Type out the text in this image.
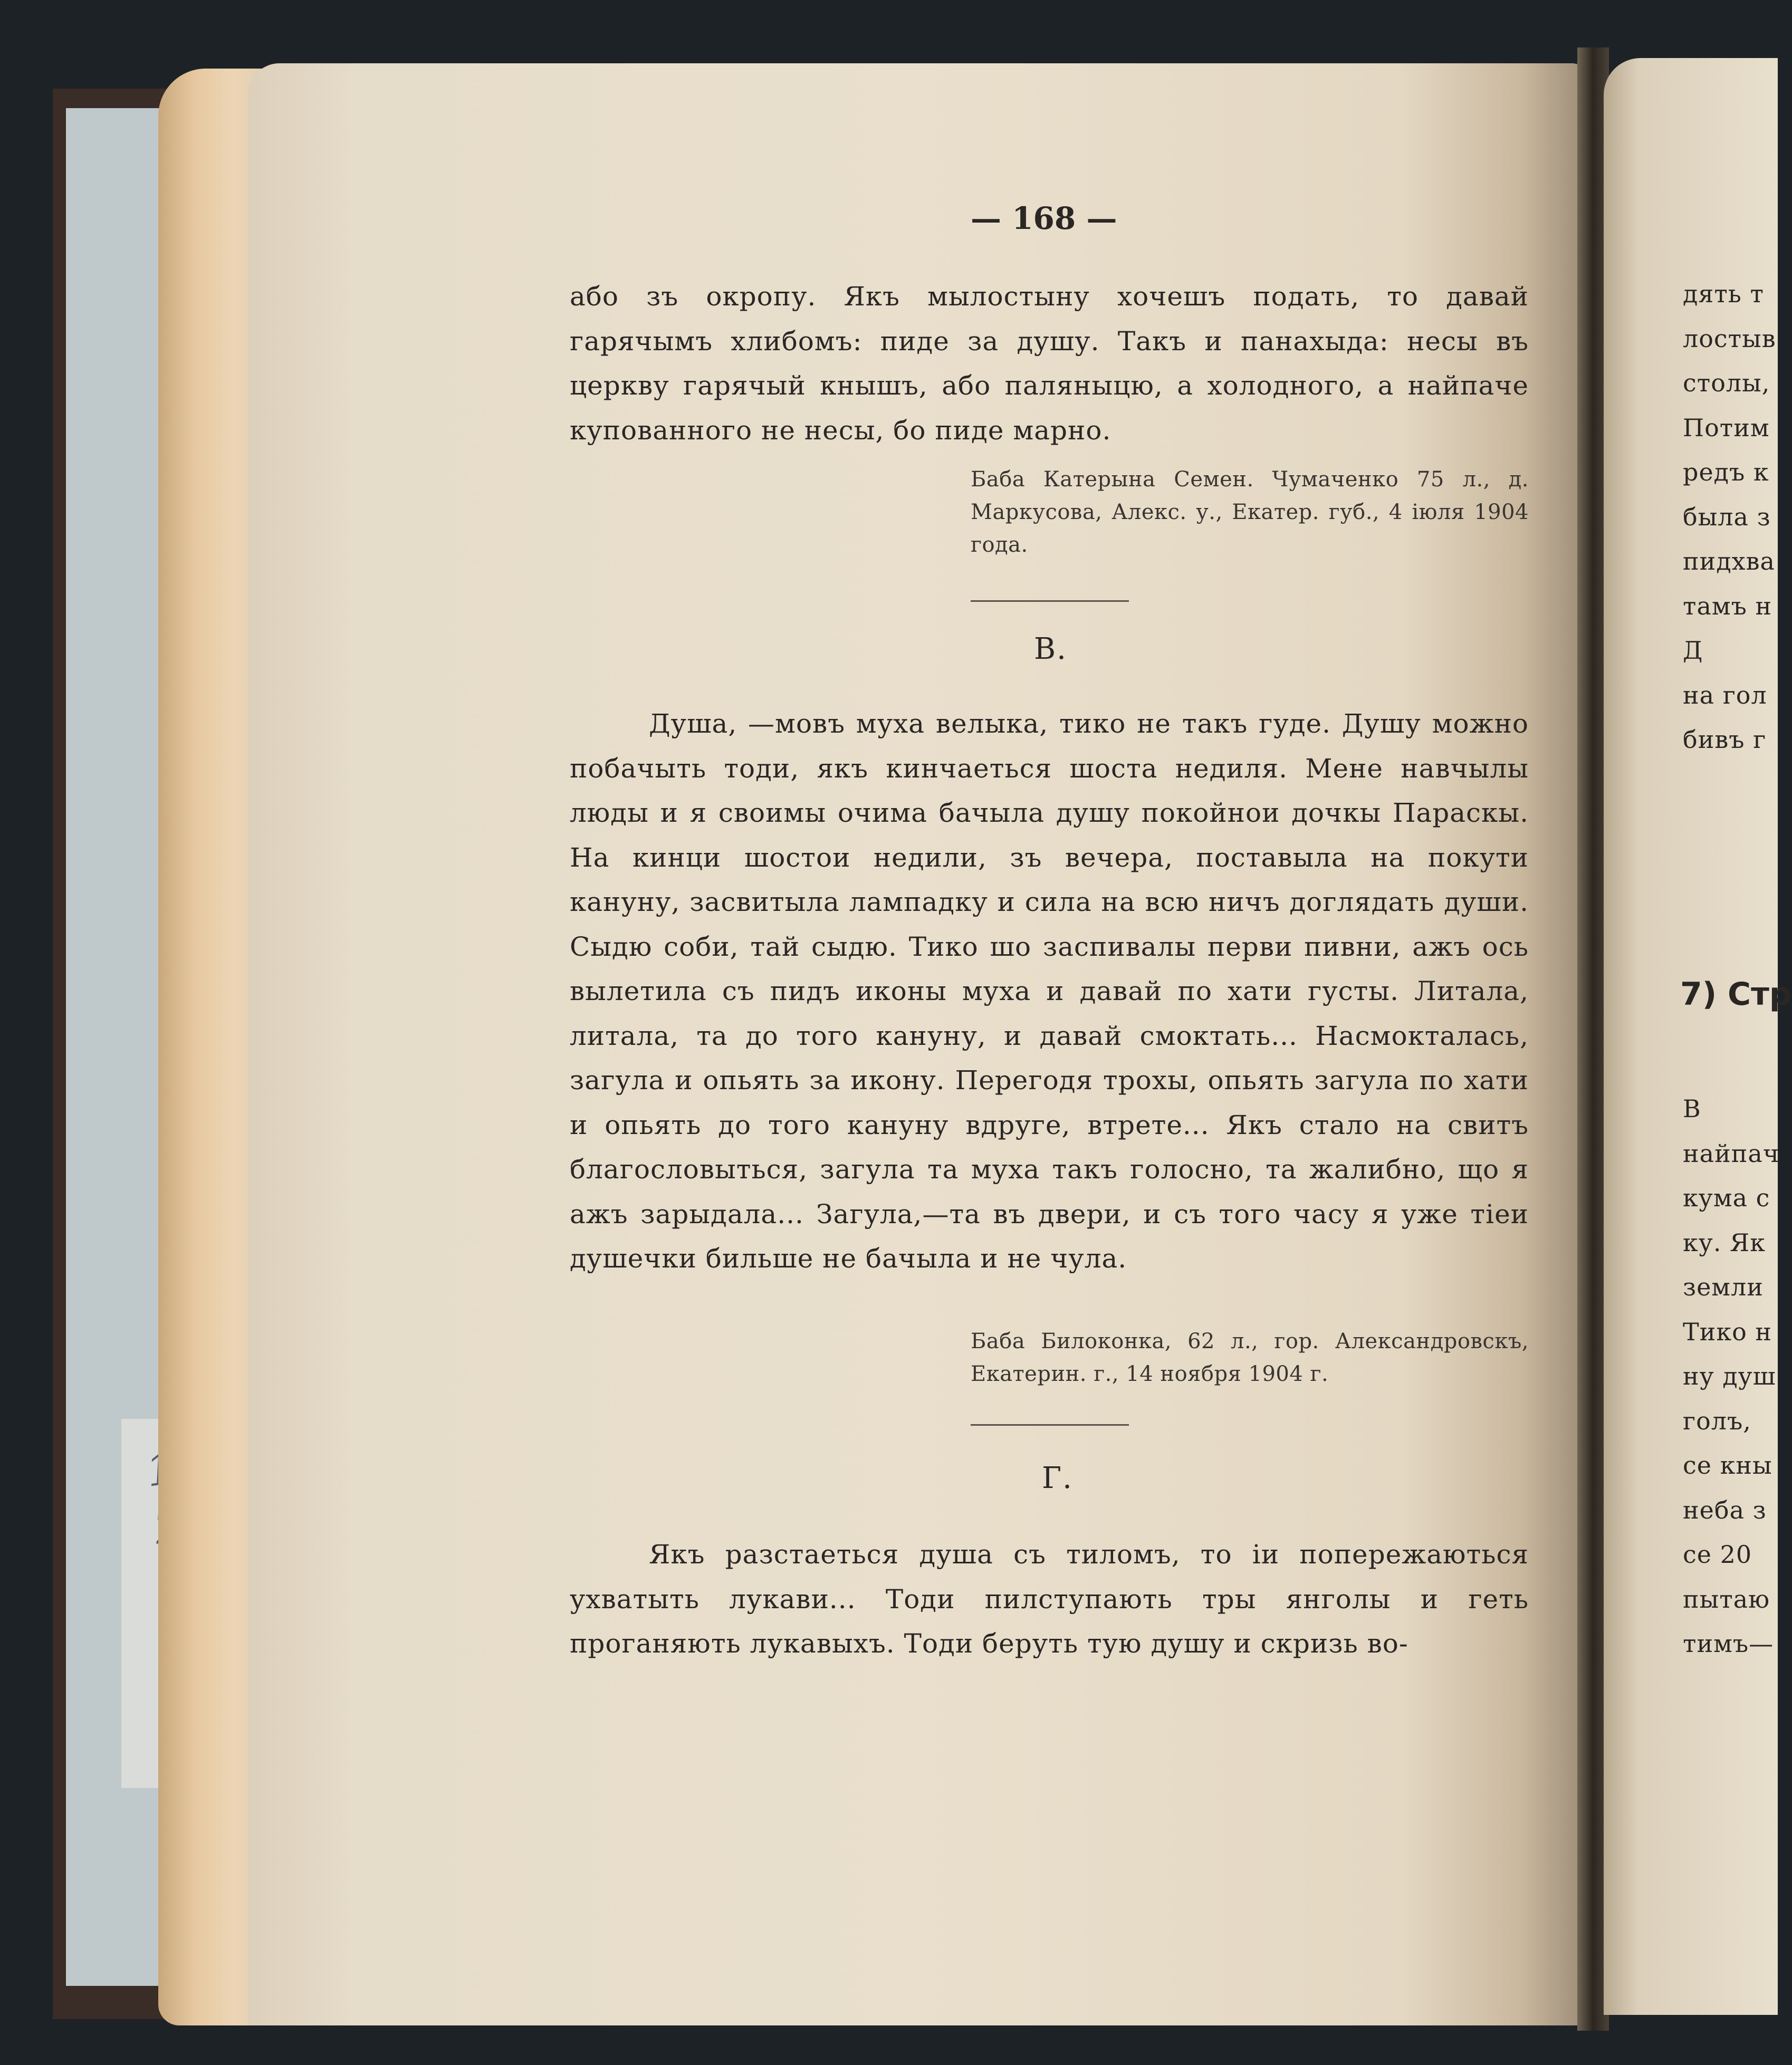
— 168 —

або зъ окропу. Якъ мылостыну хочешъ подать, то давай гарячымъ хлибомъ: пиде за душу. Такъ и панахыда: несы въ церкву гарячый кнышъ, або паляныцю, а холодного, а найпаче купованного не несы, бо пиде марно.

Баба Катерына Семен. Чумаченко 75 л., д. Маркусова, Алекс. у., Екатер. губ., 4 іюля 1904 года.
В.

Душа, —мовъ муха велыка, тико не такъ гуде. Душу можно побачыть тоди, якъ кинчаеться шоста недиля. Мене навчылы люды и я своимы очима бачыла душу покойнои дочкы Параскы. На кинци шостои недили, зъ вечера, поставыла на покути кануну, засвитыла лампадку и сила на всю ничъ доглядать души. Сыдю соби, тай сыдю. Тико шо заспивалы перви пивни, ажъ ось вылетила съ пидъ иконы муха и давай по хати густы. Литала, литала, та до того кануну, и давай смоктать... Насмокталась, загула и опьять за икону. Перегодя трохы, опьять загула по хати и опьять до того кануну вдруге, втрете... Якъ стало на свитъ благословыться, загула та муха такъ голосно, та жалибно, що я ажъ зарыдала... Загула,—та въ двери, и съ того часу я уже тіеи душечки бильше не бачыла и не чула.

Баба Билоконка, 62 л., гор. Александровскъ, Екатерин. г., 14 ноября 1904 г.
Г.

Якъ разстаеться душа съ тиломъ, то іи попережаються ухватыть лукави... Тоди пилступають тры янголы и геть проганяють лукавыхъ. Тоди беруть тую душу и скризь во-

дять т
лостыв
столы,
Потим
редъ к
была з
пидхва
тамъ н
Д
на гол
бивъ г
7) Стр
В
найпач
кума с
ку. Як
земли
Тико н
ну душ
голъ,
се кны
неба з
се 20
пытаю
тимъ—
